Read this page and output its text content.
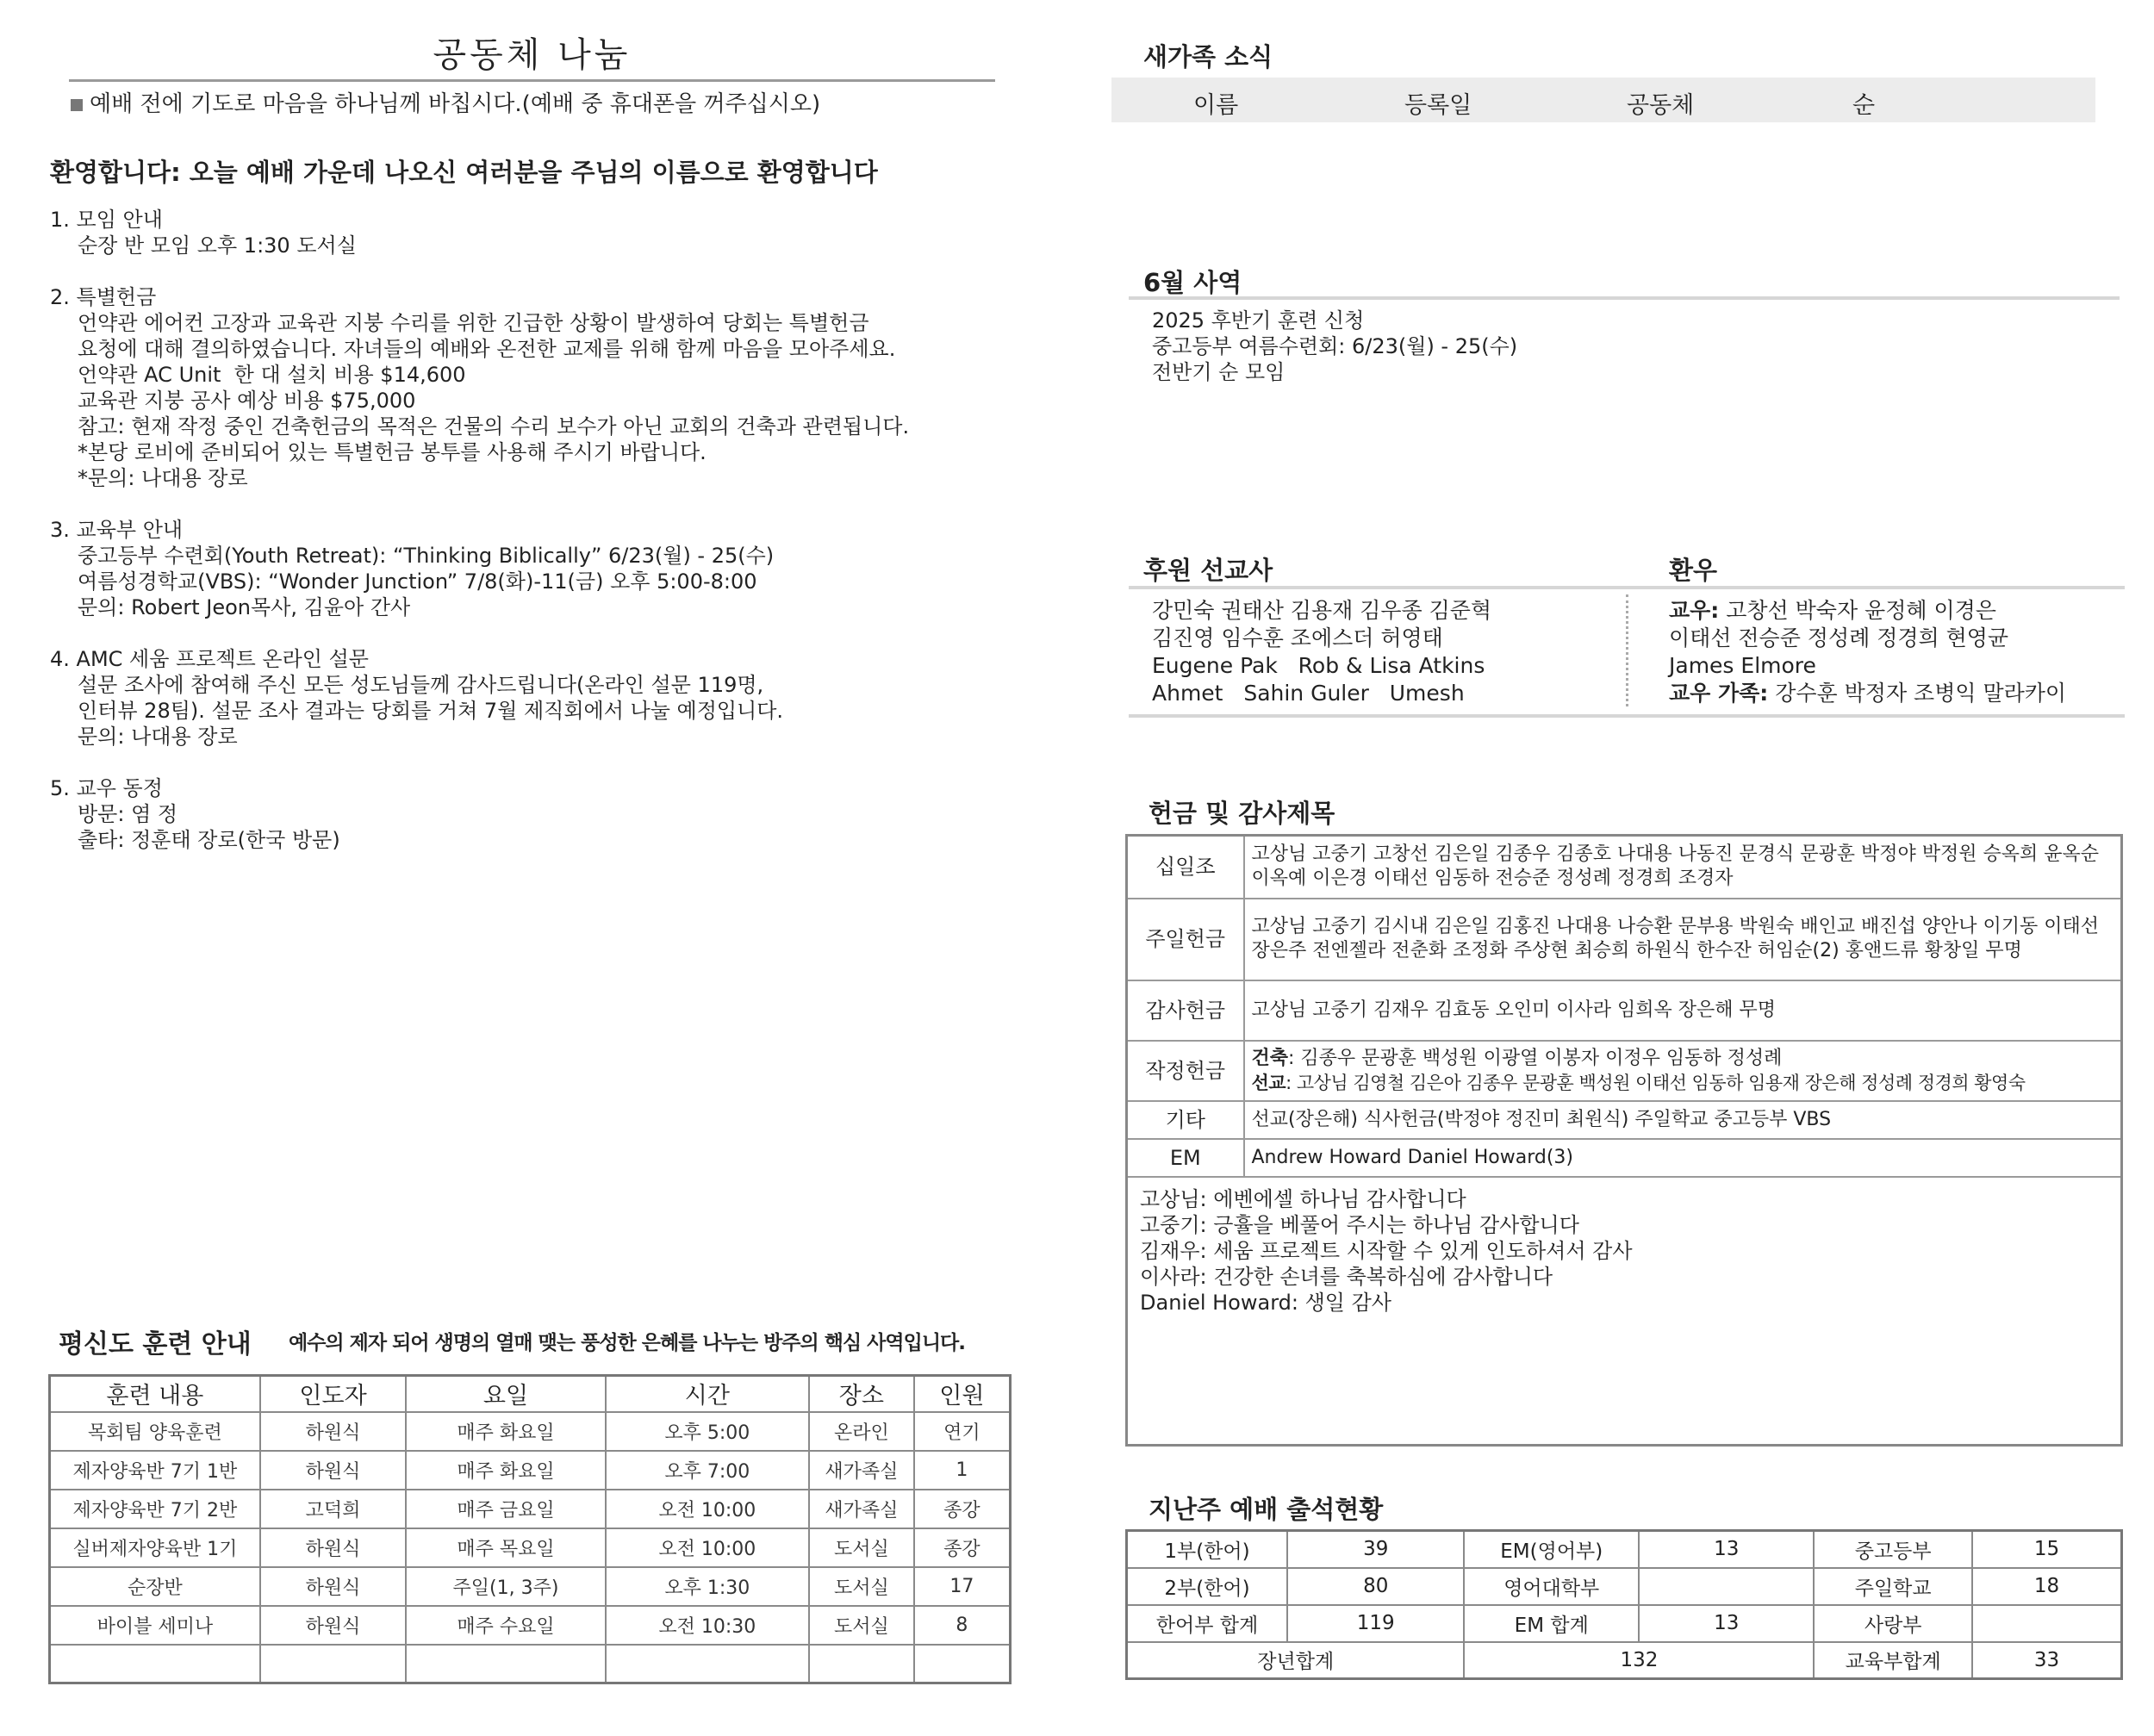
공동체 나눔
예배 전에 기도로 마음을 하나님께 바칩시다.(예배 중 휴대폰을 꺼주십시오)
환영합니다: 오늘 예배 가운데 나오신 여러분을 주님의 이름으로 환영합니다
1. 모임 안내
순장 반 모임 오후 1:30 도서실
2. 특별헌금
언약관 에어컨 고장과 교육관 지붕 수리를 위한 긴급한 상황이 발생하여 당회는 특별헌금
요청에 대해 결의하였습니다. 자녀들의 예배와 온전한 교제를 위해 함께 마음을 모아주세요.
언약관 AC Unit  한 대 설치 비용 $14,600
교육관 지붕 공사 예상 비용 $75,000
참고: 현재 작정 중인 건축헌금의 목적은 건물의 수리 보수가 아닌 교회의 건축과 관련됩니다.
*본당 로비에 준비되어 있는 특별헌금 봉투를 사용해 주시기 바랍니다.
*문의: 나대용 장로
3. 교육부 안내
중고등부 수련회(Youth Retreat): “Thinking Biblically” 6/23(월) - 25(수)
여름성경학교(VBS): “Wonder Junction” 7/8(화)-11(금) 오후 5:00-8:00
문의: Robert Jeon목사, 김윤아 간사
4. AMC 세움 프로젝트 온라인 설문
설문 조사에 참여해 주신 모든 성도님들께 감사드립니다(온라인 설문 119명,
인터뷰 28팀). 설문 조사 결과는 당회를 거쳐 7월 제직회에서 나눌 예정입니다.
문의: 나대용 장로
5. 교우 동정
방문: 염 정
출타: 정훈태 장로(한국 방문)
평신도 훈련 안내 예수의 제자 되어 생명의 열매 맺는 풍성한 은혜를 나누는 방주의 핵심 사역입니다.
훈련 내용	인도자	요일	시간	장소	인원
목회팀 양육훈련	하원식	매주 화요일	오후 5:00	온라인	연기
제자양육반 7기 1반	하원식	매주 화요일	오후 7:00	새가족실	1
제자양육반 7기 2반	고덕희	매주 금요일	오전 10:00	새가족실	종강
실버제자양육반 1기	하원식	매주 목요일	오전 10:00	도서실	종강
순장반	하원식	주일(1, 3주)	오후 1:30	도서실	17
바이블 세미나	하원식	매주 수요일	오전 10:30	도서실	8

새가족 소식
이름	등록일	공동체	순
6월 사역
2025 후반기 훈련 신청
중고등부 여름수련회: 6/23(월) - 25(수)
전반기 순 모임
후원 선교사	환우
강민숙 권태산 김용재 김우종 김준혁
김진영 임수훈 조에스더 허영태
Eugene Pak   Rob & Lisa Atkins
Ahmet   Sahin Guler   Umesh
교우: 고창선 박숙자 윤정혜 이경은
이태선 전승준 정성례 정경희 현영균
James Elmore
교우 가족: 강수훈 박정자 조병익 말라카이
헌금 및 감사제목
십일조	고상님 고중기 고창선 김은일 김종우 김종호 나대용 나동진 문경식 문광훈 박정야 박정원 승옥희 윤옥순 이옥예 이은경 이태선 임동하 전승준 정성례 정경희 조경자
주일헌금	고상님 고중기 김시내 김은일 김홍진 나대용 나승환 문부용 박원숙 배인교 배진섭 양안나 이기동 이태선 장은주 전엔젤라 전춘화 조정화 주상현 최승희 하원식 한수잔 허임순(2) 홍앤드류 황창일 무명
감사헌금	고상님 고중기 김재우 김효동 오인미 이사라 임희옥 장은해 무명
작정헌금	건축: 김종우 문광훈 백성원 이광열 이봉자 이정우 임동하 정성례
선교: 고상님 김영철 김은아 김종우 문광훈 백성원 이태선 임동하 임용재 장은해 정성례 정경희 황영숙

기타	선교(장은해) 식사헌금(박정야 정진미 최원식) 주일학교 중고등부 VBS
EM	Andrew Howard Daniel Howard(3)

고상님: 에벤에셀 하나님 감사합니다
고중기: 긍휼을 베풀어 주시는 하나님 감사합니다
김재우: 세움 프로젝트 시작할 수 있게 인도하셔서 감사
이사라: 건강한 손녀를 축복하심에 감사합니다
Daniel Howard: 생일 감사	
지난주 예배 출석현황
1부(한어)	39	EM(영어부)	13	중고등부	15
2부(한어)	80	영어대학부		주일학교	18
한어부 합계	119	EM 합계	13	사랑부	
장년합계		132		교육부합계	33
